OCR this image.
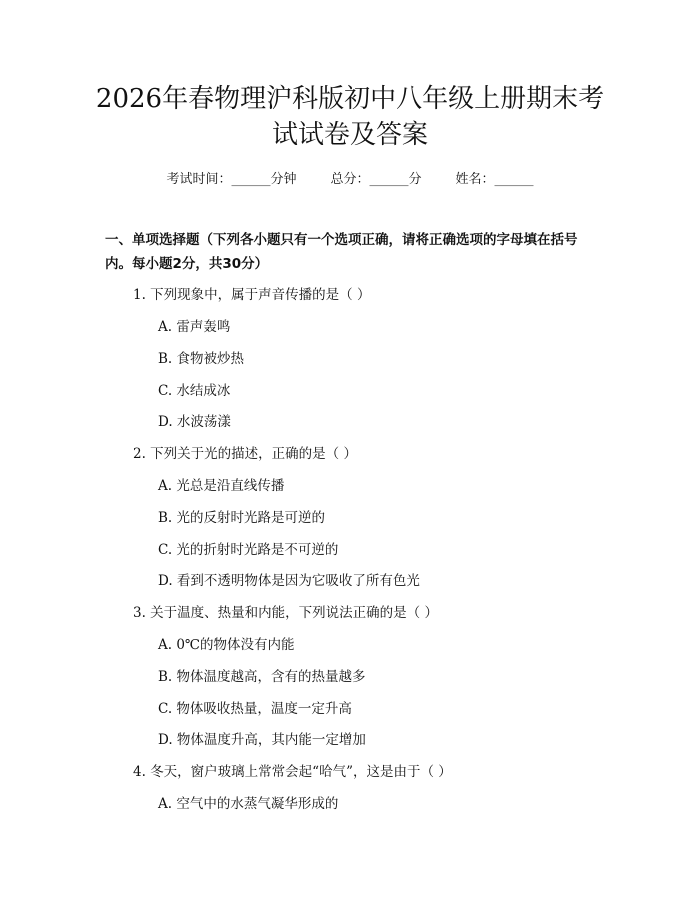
2026年春物理沪科版初中八年级上册期末考
试试卷及答案
考试时间：______分钟	总分：______分	姓名：______
一、单项选择题（下列各小题只有一个选项正确，请将正确选项的字母填在括号内。每小题2分，共30分）
1. 下列现象中，属于声音传播的是（ ）
A. 雷声轰鸣
B. 食物被炒热
C. 水结成冰
D. 水波荡漾
2. 下列关于光的描述，正确的是（ ）
A. 光总是沿直线传播
B. 光的反射时光路是可逆的
C. 光的折射时光路是不可逆的
D. 看到不透明物体是因为它吸收了所有色光
3. 关于温度、热量和内能，下列说法正确的是（ ）
A. 0℃的物体没有内能
B. 物体温度越高，含有的热量越多
C. 物体吸收热量，温度一定升高
D. 物体温度升高，其内能一定增加
4. 冬天，窗户玻璃上常常会起“哈气”，这是由于（ ）
A. 空气中的水蒸气凝华形成的
